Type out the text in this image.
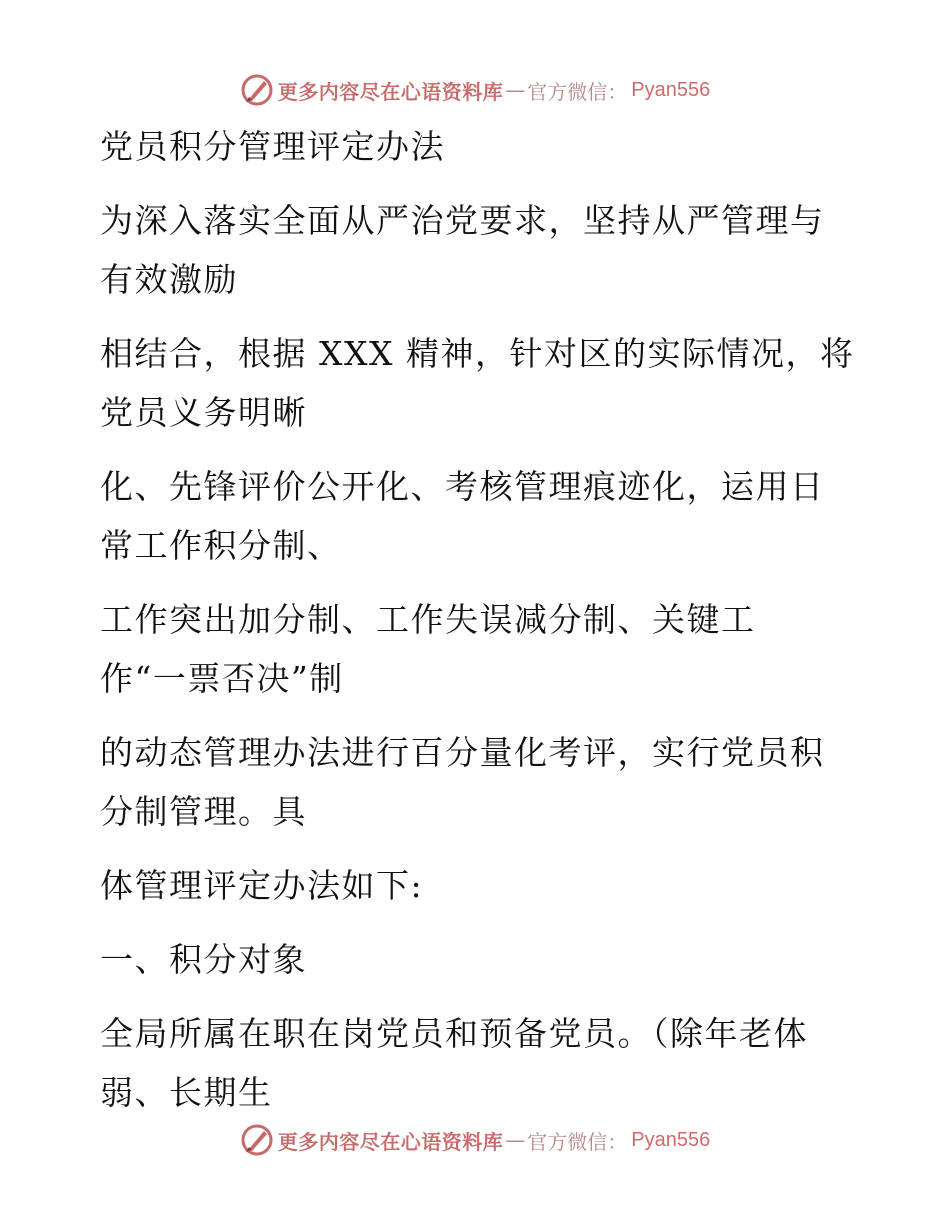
更多内容尽在心语资料库 — 官方微信： Pyan556
党员积分管理评定办法
为深入落实全面从严治党要求，坚持从严管理与
有效激励
相结合，根据 XXX 精神，针对区的实际情况，将
党员义务明晰
化、先锋评价公开化、考核管理痕迹化，运用日
常工作积分制、
工作突出加分制、工作失误减分制、关键工
作“一票否决”制
的动态管理办法进行百分量化考评，实行党员积
分制管理。具
体管理评定办法如下:
一、积分对象
全局所属在职在岗党员和预备党员。（除年老体
弱、长期生
更多内容尽在心语资料库 — 官方微信： Pyan556
